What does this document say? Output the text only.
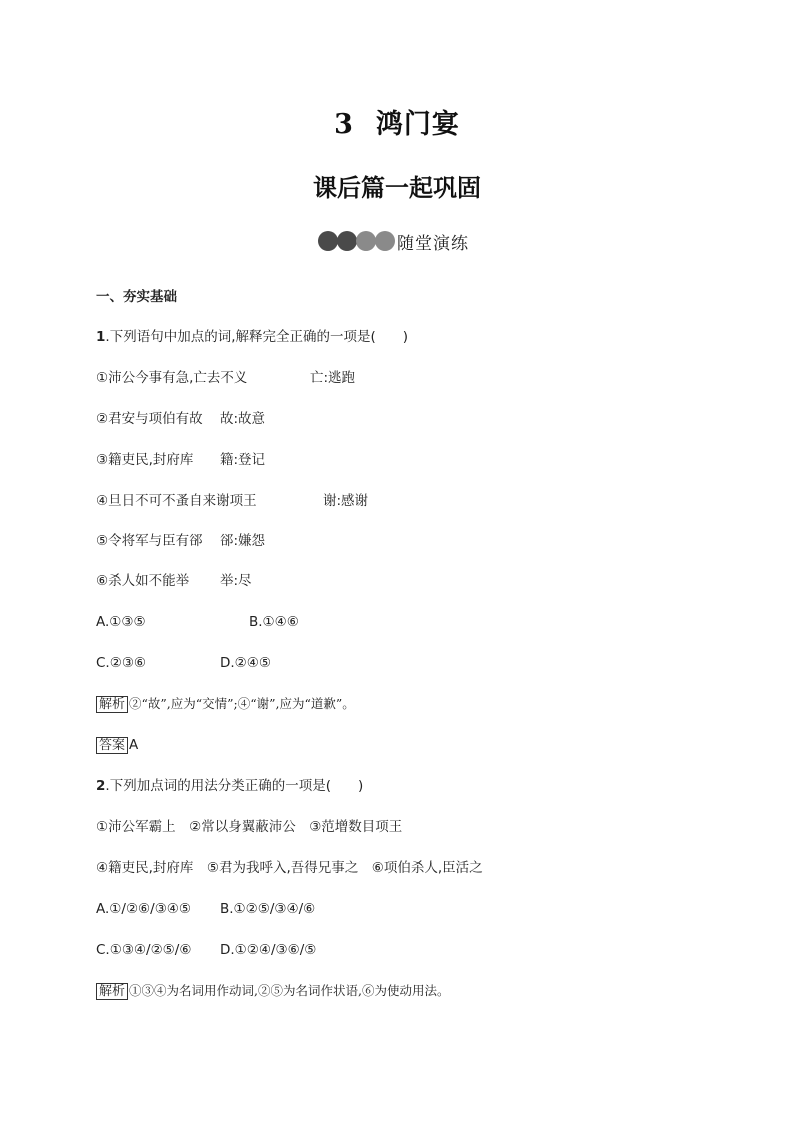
3 鸿门宴
课后篇一起巩固
随堂演练
一、夯实基础
1.下列语句中加点的词,解释完全正确的一项是(　　)
①沛公今事有急,亡去不义	亡:逃跑
②君安与项伯有故 故:故意
③籍吏民,封府库 籍:登记
④旦日不可不蚤自来谢项王	谢:感谢
⑤令将军与臣有郤 郤:嫌怨
⑥杀人如不能举 举:尽
A.①③⑤	B.①④⑥
C.②③⑥	D.②④⑤
解析 ②“故”,应为“交情”;④“谢”,应为“道歉”。
答案 A
2.下列加点词的用法分类正确的一项是(　　)
①沛公军霸上　②常以身翼蔽沛公　③范增数目项王
④籍吏民,封府库　⑤君为我呼入,吾得兄事之　⑥项伯杀人,臣活之
A.①/②⑥/③④⑤ B.①②⑤/③④/⑥
C.①③④/②⑤/⑥ D.①②④/③⑥/⑤
解析 ①③④为名词用作动词,②⑤为名词作状语,⑥为使动用法。
